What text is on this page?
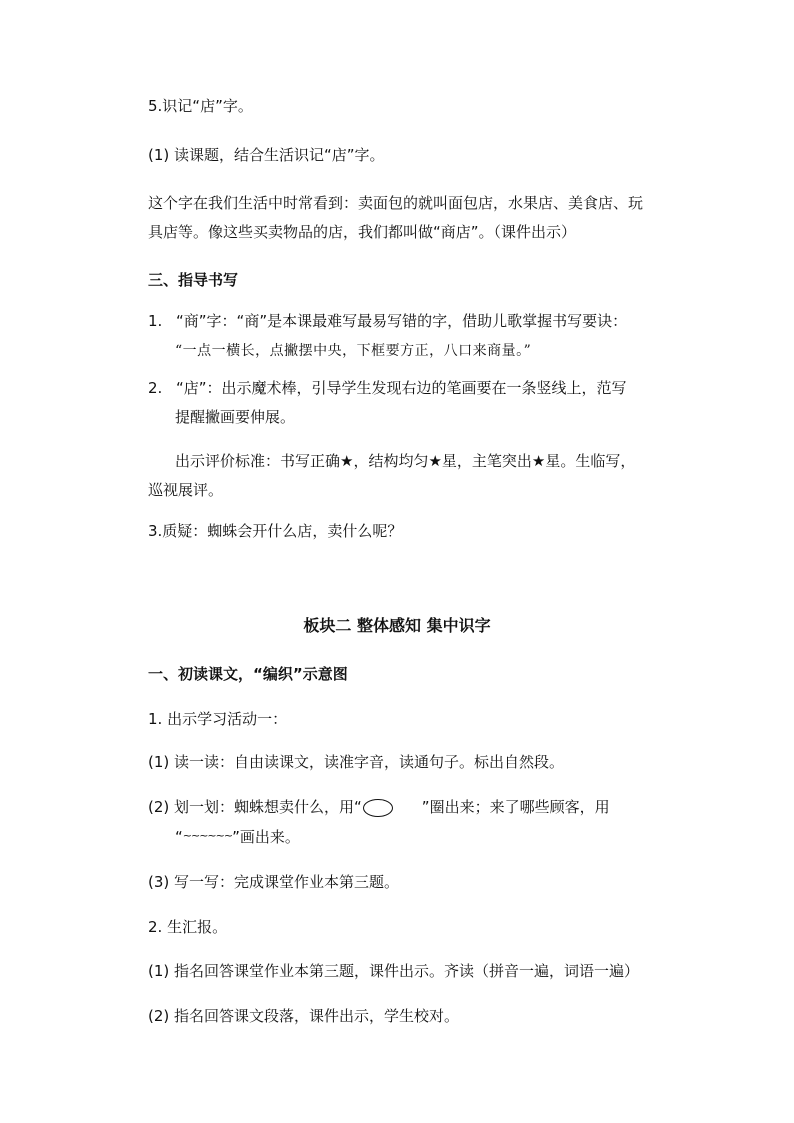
5.识记“店”字。
(1) 读课题，结合生活识记“店”字。
这个字在我们生活中时常看到：卖面包的就叫面包店，水果店、美食店、玩
具店等。像这些买卖物品的店，我们都叫做“商店”。（课件出示）
三、指导书写
1. “商”字：“商”是本课最难写最易写错的字，借助儿歌掌握书写要诀：
“一点一横长，点撇摆中央，下框要方正，八口来商量。”
2. “店”：出示魔术棒，引导学生发现右边的笔画要在一条竖线上，范写
提醒撇画要伸展。
出示评价标准：书写正确★，结构均匀★星，主笔突出★星。生临写，
巡视展评。
3.质疑：蜘蛛会开什么店，卖什么呢？
板块二 整体感知 集中识字
一、初读课文，“编织”示意图
1. 出示学习活动一：
(1) 读一读：自由读课文，读准字音，读通句子。标出自然段。
(2) 划一划：蜘蛛想卖什么，用“	”圈出来；来了哪些顾客，用
“~~~~~~”画出来。
(3) 写一写：完成课堂作业本第三题。
2. 生汇报。
(1) 指名回答课堂作业本第三题，课件出示。齐读（拼音一遍，词语一遍）
(2) 指名回答课文段落，课件出示，学生校对。
